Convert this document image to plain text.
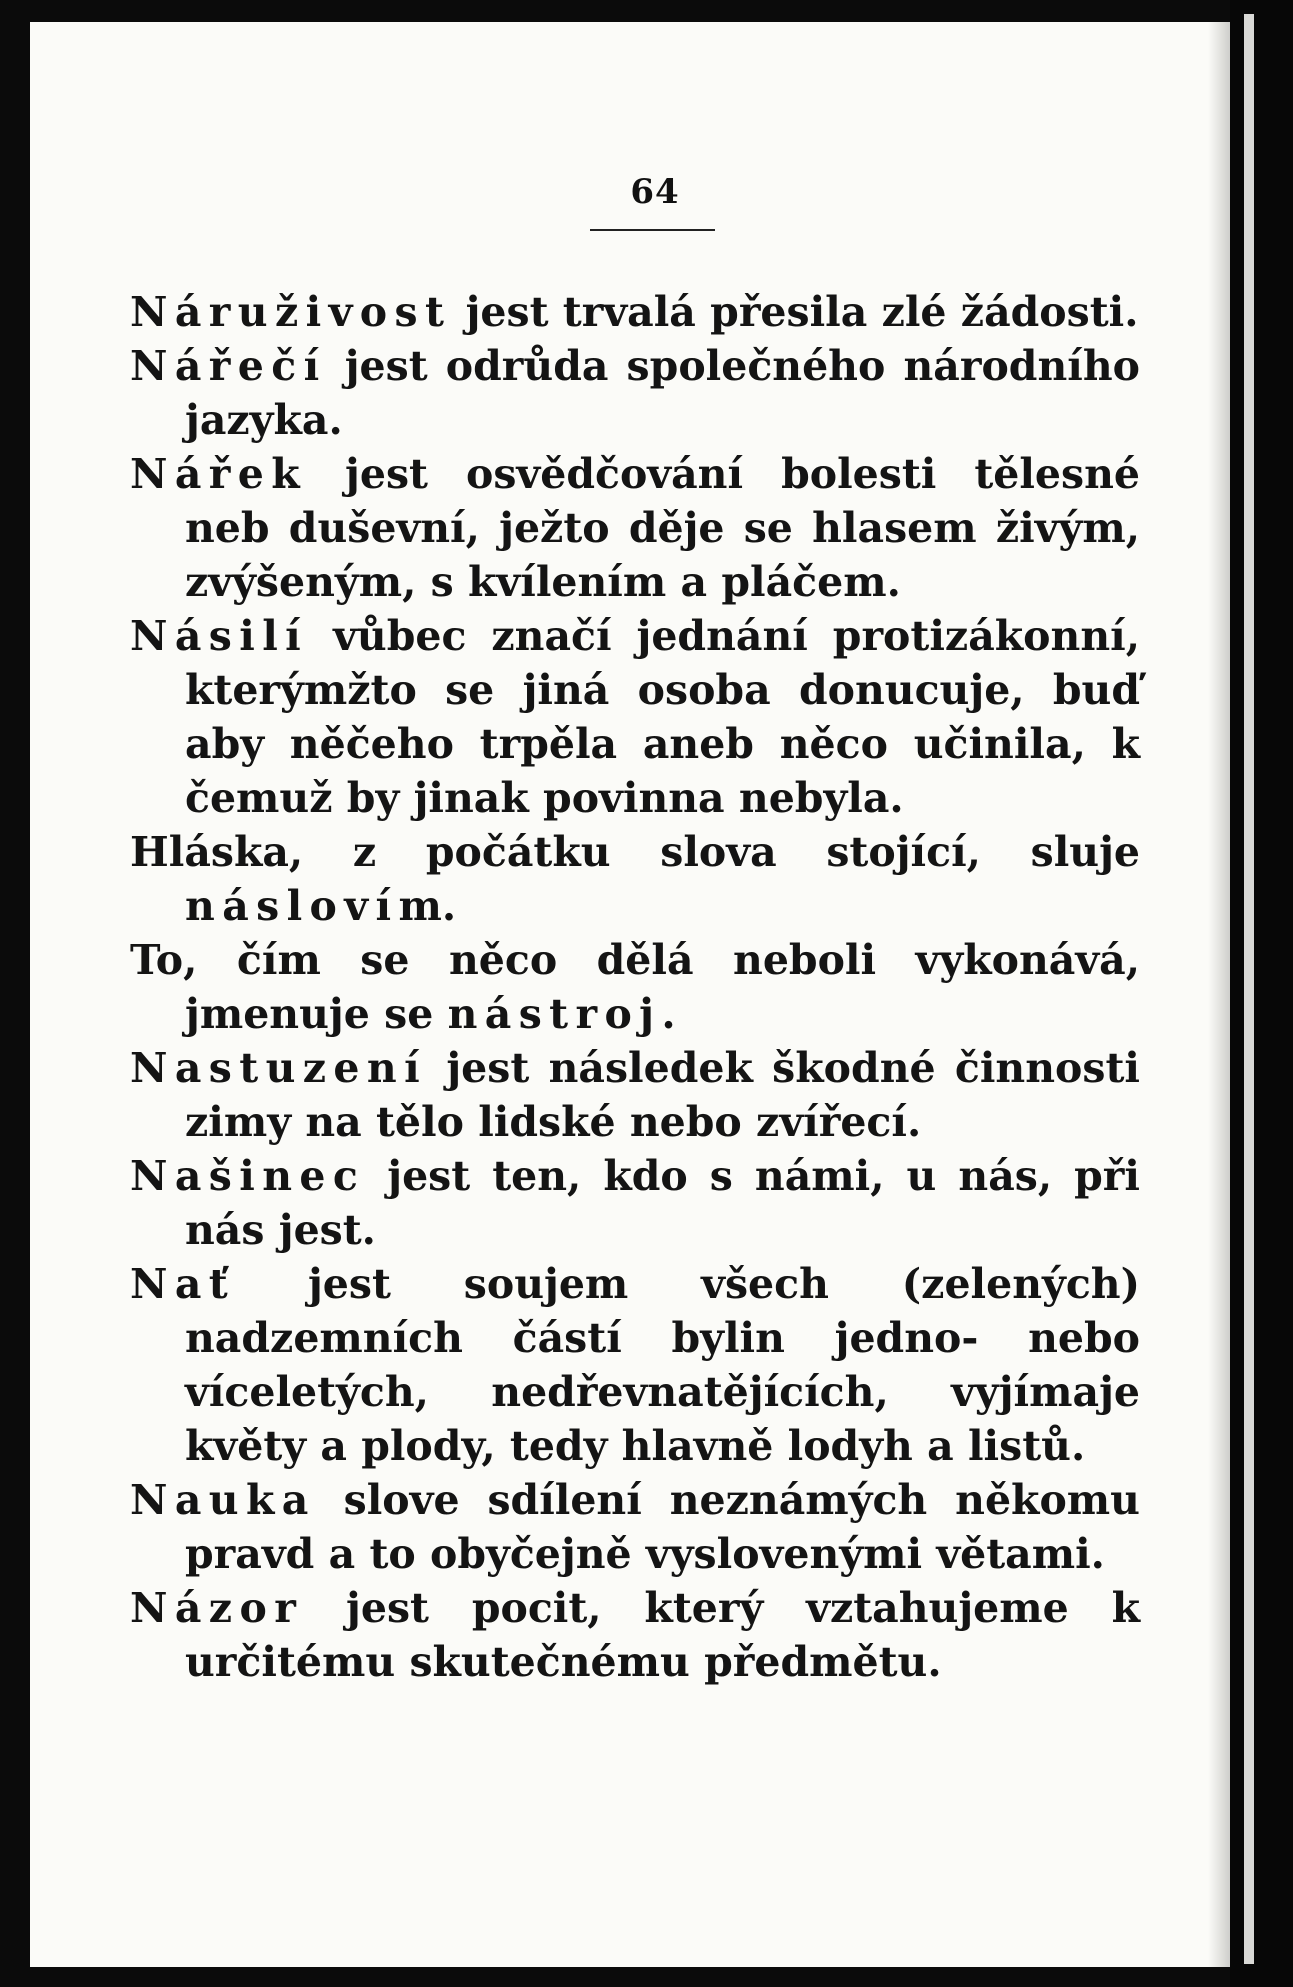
64

Náruživost jest trvalá přesila zlé žádosti.

Nářečí jest odrůda společného národního jazyka.

Nářek jest osvědčování bolesti tělesné neb duševní, ježto děje se hlasem živým, zvýšeným, s kvílením a pláčem.

Násilí vůbec značí jednání protizákonní, kterýmžto se jiná osoba donucuje, buď aby něčeho trpěla aneb něco učinila, k čemuž by jinak povinna nebyla.

Hláska, z počátku slova stojící, sluje náslovím.

To, čím se něco dělá neboli vykonává, jmenuje se nástroj.

Nastuzení jest následek škodné činnosti zimy na tělo lidské nebo zvířecí.

Našinec jest ten, kdo s námi, u nás, při nás jest.

Nať jest soujem všech (zelených) nadzemních částí bylin jedno- nebo víceletých, nedřevnatějících, vyjímaje květy a plody, tedy hlavně lodyh a listů.

Nauka slove sdílení neznámých někomu pravd a to obyčejně vyslovenými větami.

Názor jest pocit, který vztahujeme k určitému skutečnému předmětu.
